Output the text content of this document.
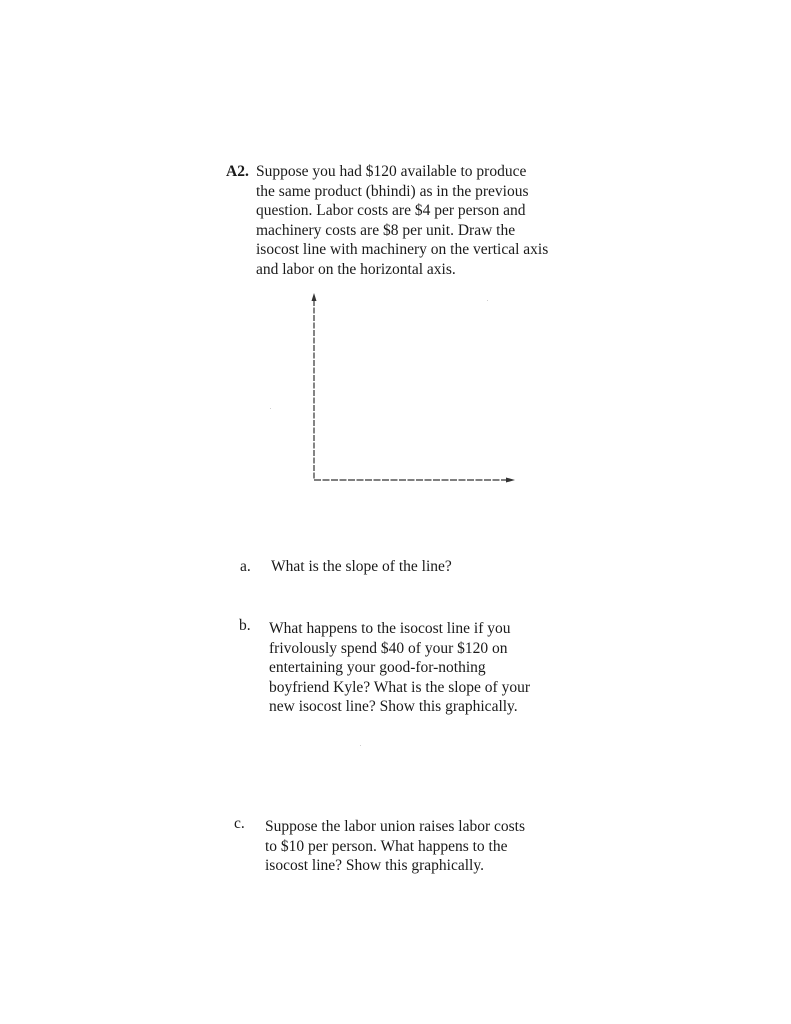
A2. Suppose you had $120 available to produce
the same product (bhindi) as in the previous
question. Labor costs are $4 per person and
machinery costs are $8 per unit. Draw the
isocost line with machinery on the vertical axis
and labor on the horizontal axis.
a. What is the slope of the line?
b. What happens to the isocost line if you
frivolously spend $40 of your $120 on
entertaining your good-for-nothing
boyfriend Kyle? What is the slope of your
new isocost line? Show this graphically.
c. Suppose the labor union raises labor costs
to $10 per person. What happens to the
isocost line? Show this graphically.
